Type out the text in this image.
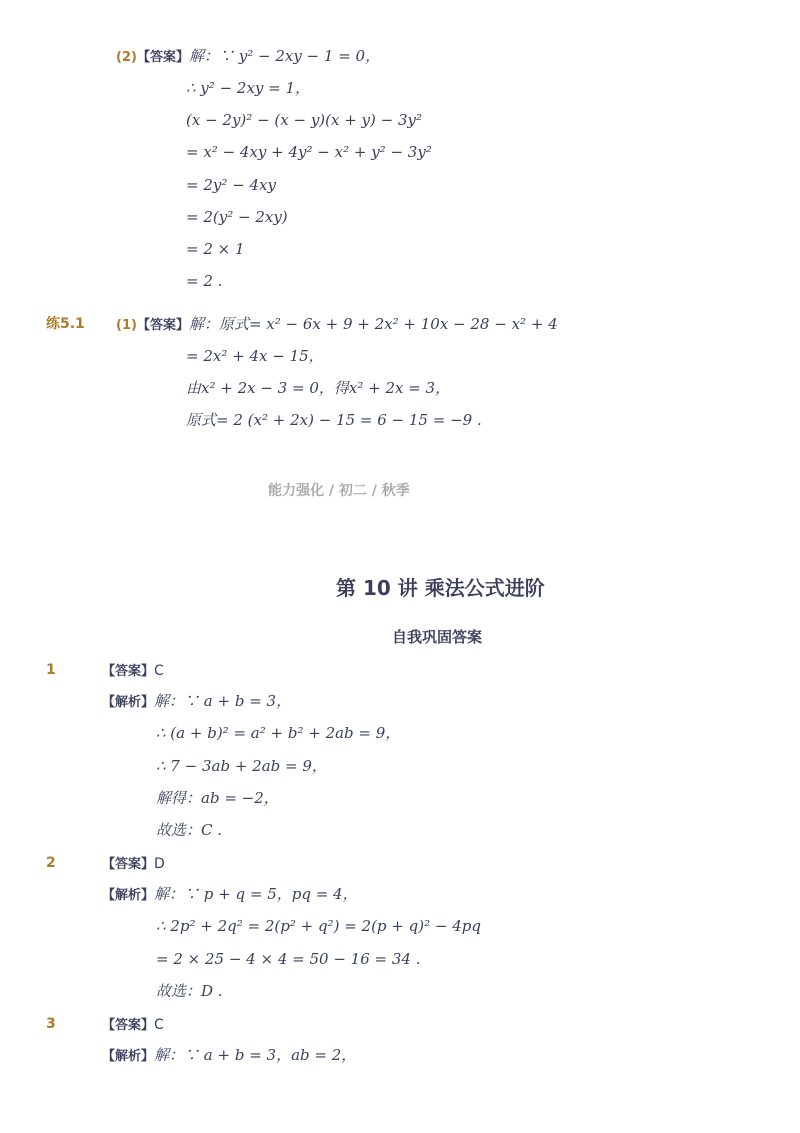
(2)【答案】解：∵ y² − 2xy − 1 = 0，
∴ y² − 2xy = 1，
(x − 2y)² − (x − y)(x + y) − 3y²
= x² − 4xy + 4y² − x² + y² − 3y²
= 2y² − 4xy
= 2(y² − 2xy)
= 2 × 1
= 2 .
练5.1 (1)【答案】解：原式= x² − 6x + 9 + 2x² + 10x − 28 − x² + 4
= 2x² + 4x − 15，
由x² + 2x − 3 = 0，得x² + 2x = 3，
原式= 2 (x² + 2x) − 15 = 6 − 15 = −9 .
能力强化 / 初二 / 秋季
第 10 讲 乘法公式进阶
自我巩固答案
1	【答案】C
【解析】解：∵ a + b = 3，
∴ (a + b)² = a² + b² + 2ab = 9，
∴ 7 − 3ab + 2ab = 9，
解得：ab = −2，
故选：C .
2	【答案】D
【解析】解：∵ p + q = 5，pq = 4，
∴ 2p² + 2q² = 2(p² + q²) = 2(p + q)² − 4pq
= 2 × 25 − 4 × 4 = 50 − 16 = 34 .
故选：D .
3	【答案】C
【解析】解：∵ a + b = 3，ab = 2，
